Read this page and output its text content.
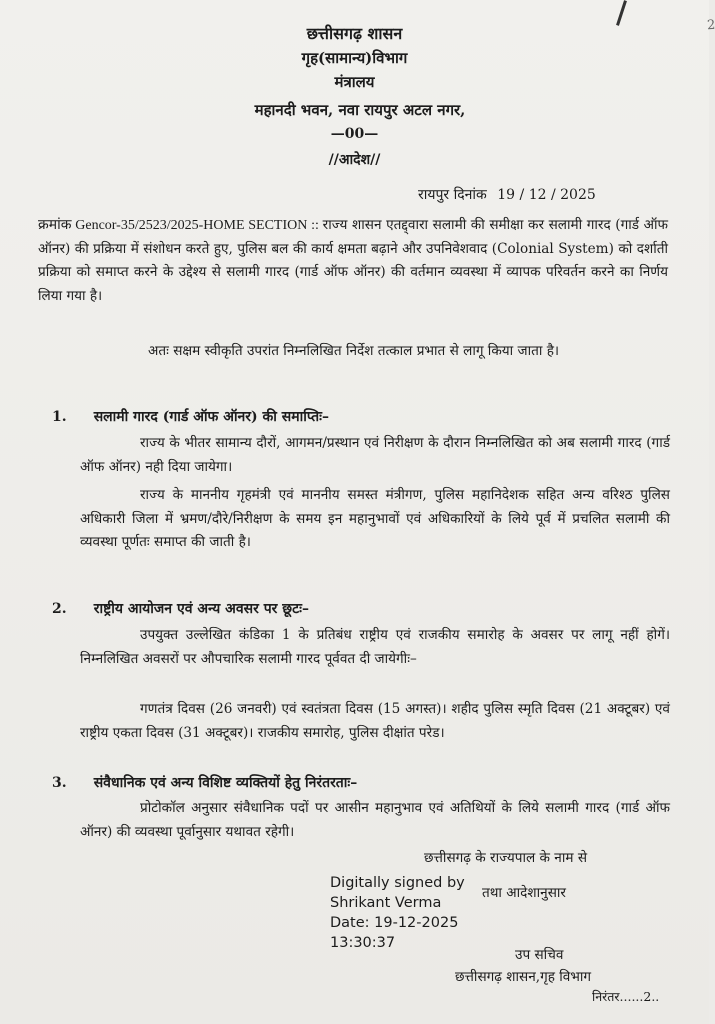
2
छत्तीसगढ़ शासन
गृह(सामान्य)विभाग
मंत्रालय
महानदी भवन, नवा रायपुर अटल नगर,
—00—
//आदेश//
रायपुर दिनांक 19 / 12 / 2025
क्रमांक Gencor-35/2523/2025-HOME SECTION :: राज्य शासन एतद्द्वारा सलामी की समीक्षा कर सलामी गारद (गार्ड ऑफ ऑनर) की प्रक्रिया में संशोधन करते हुए, पुलिस बल की कार्य क्षमता बढ़ाने और उपनिवेशवाद (Colonial System) को दर्शाती प्रक्रिया को समाप्त करने के उद्देश्य से सलामी गारद (गार्ड ऑफ ऑनर) की वर्तमान व्यवस्था में व्यापक परिवर्तन करने का निर्णय लिया गया है।
अतः सक्षम स्वीकृति उपरांत निम्नलिखित निर्देश तत्काल प्रभात से लागू किया जाता है।
1. सलामी गारद (गार्ड ऑफ ऑनर) की समाप्तिः–
राज्य के भीतर सामान्य दौरों, आगमन/प्रस्थान एवं निरीक्षण के दौरान निम्नलिखित को अब सलामी गारद (गार्ड ऑफ ऑनर) नही दिया जायेगा।
राज्य के माननीय गृहमंत्री एवं माननीय समस्त मंत्रीगण, पुलिस महानिदेशक सहित अन्य वरिश्ठ पुलिस अधिकारी जिला में भ्रमण/दौरे/निरीक्षण के समय इन महानुभावों एवं अधिकारियों के लिये पूर्व में प्रचलित सलामी की व्यवस्था पूर्णतः समाप्त की जाती है।
2. राष्ट्रीय आयोजन एवं अन्य अवसर पर छूटः–
उपयुक्त उल्लेखित कंडिका 1 के प्रतिबंध राष्ट्रीय एवं राजकीय समारोह के अवसर पर लागू नहीं होगें। निम्नलिखित अवसरों पर औपचारिक सलामी गारद पूर्ववत दी जायेगीः–
गणतंत्र दिवस (26 जनवरी) एवं स्वतंत्रता दिवस (15 अगस्त)। शहीद पुलिस स्मृति दिवस (21 अक्टूबर) एवं राष्ट्रीय एकता दिवस (31 अक्टूबर)। राजकीय समारोह, पुलिस दीक्षांत परेड।
3. संवैधानिक एवं अन्य विशिष्ट व्यक्तियों हेतु निरंतरताः–
प्रोटोकॉल अनुसार संवैधानिक पदों पर आसीन महानुभाव एवं अतिथियों के लिये सलामी गारद (गार्ड ऑफ ऑनर) की व्यवस्था पूर्वानुसार यथावत रहेगी।
छत्तीसगढ़ के राज्यपाल के नाम से
Digitally signed by
Shrikant Verma
Date: 19-12-2025
13:30:37
तथा आदेशानुसार
उप सचिव
छत्तीसगढ़ शासन,गृह विभाग
निरंतर......2..
